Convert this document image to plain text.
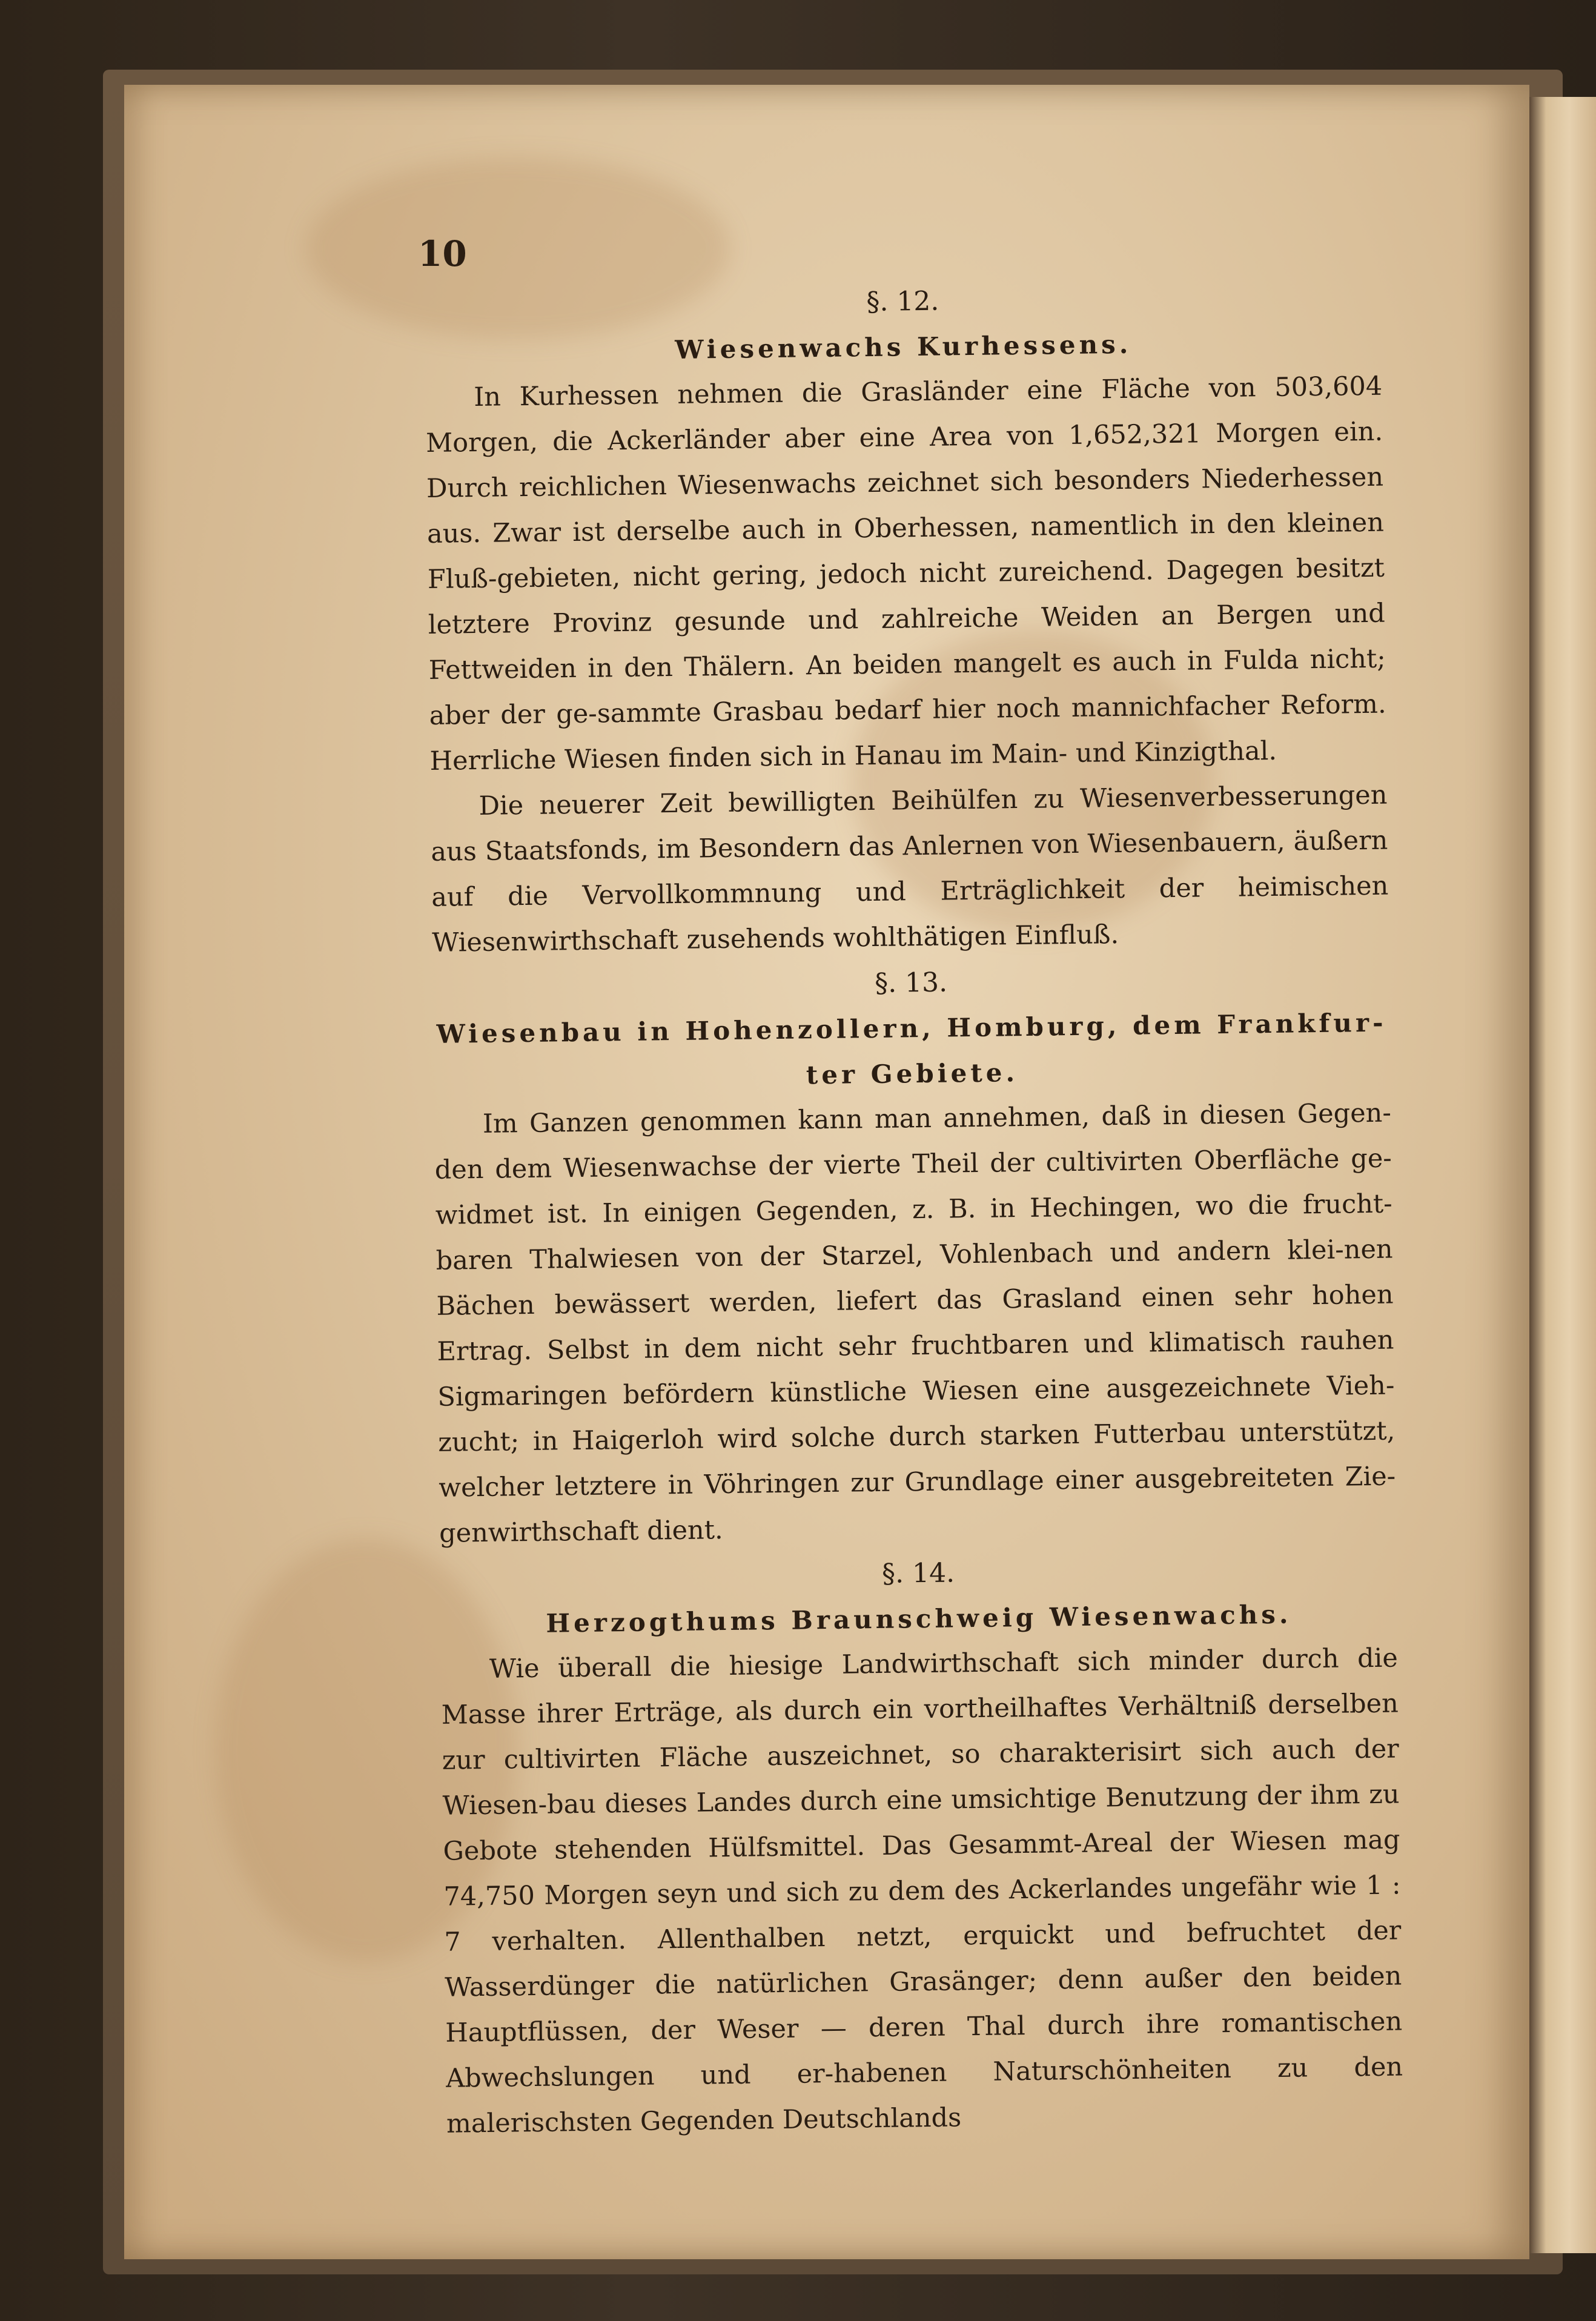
10

§. 12.

Wiesenwachs Kurhessens.

In Kurhessen nehmen die Grasländer eine Fläche von 503,604 Morgen, die Ackerländer aber eine Area von 1,652,321 Morgen ein. Durch reichlichen Wiesenwachs zeichnet sich besonders Niederhessen aus. Zwar ist derselbe auch in Oberhessen, namentlich in den kleinen Fluß-gebieten, nicht gering, jedoch nicht zureichend. Dagegen besitzt letztere Provinz gesunde und zahlreiche Weiden an Bergen und Fettweiden in den Thälern. An beiden mangelt es auch in Fulda nicht; aber der ge-sammte Grasbau bedarf hier noch mannichfacher Reform. Herrliche Wiesen finden sich in Hanau im Main- und Kinzigthal.

Die neuerer Zeit bewilligten Beihülfen zu Wiesenverbesserungen aus Staatsfonds, im Besondern das Anlernen von Wiesenbauern, äußern auf die Vervollkommnung und Erträglichkeit der heimischen Wiesenwirthschaft zusehends wohlthätigen Einfluß.

§. 13.

Wiesenbau in Hohenzollern, Homburg, dem Frankfur-ter Gebiete.

Im Ganzen genommen kann man annehmen, daß in diesen Gegen-den dem Wiesenwachse der vierte Theil der cultivirten Oberfläche ge-widmet ist. In einigen Gegenden, z. B. in Hechingen, wo die frucht-baren Thalwiesen von der Starzel, Vohlenbach und andern klei-nen Bächen bewässert werden, liefert das Grasland einen sehr hohen Ertrag. Selbst in dem nicht sehr fruchtbaren und klimatisch rauhen Sigmaringen befördern künstliche Wiesen eine ausgezeichnete Vieh-zucht; in Haigerloh wird solche durch starken Futterbau unterstützt, welcher letztere in Vöhringen zur Grundlage einer ausgebreiteten Zie-genwirthschaft dient.

§. 14.

Herzogthums Braunschweig Wiesenwachs.

Wie überall die hiesige Landwirthschaft sich minder durch die Masse ihrer Erträge, als durch ein vortheilhaftes Verhältniß derselben zur cultivirten Fläche auszeichnet, so charakterisirt sich auch der Wiesen-bau dieses Landes durch eine umsichtige Benutzung der ihm zu Gebote stehenden Hülfsmittel. Das Gesammt-Areal der Wiesen mag 74,750 Morgen seyn und sich zu dem des Ackerlandes ungefähr wie 1 : 7 verhalten. Allenthalben netzt, erquickt und befruchtet der Wasserdünger die natürlichen Grasänger; denn außer den beiden Hauptflüssen, der Weser — deren Thal durch ihre romantischen Abwechslungen und er-habenen Naturschönheiten zu den malerischsten Gegenden Deutschlands
